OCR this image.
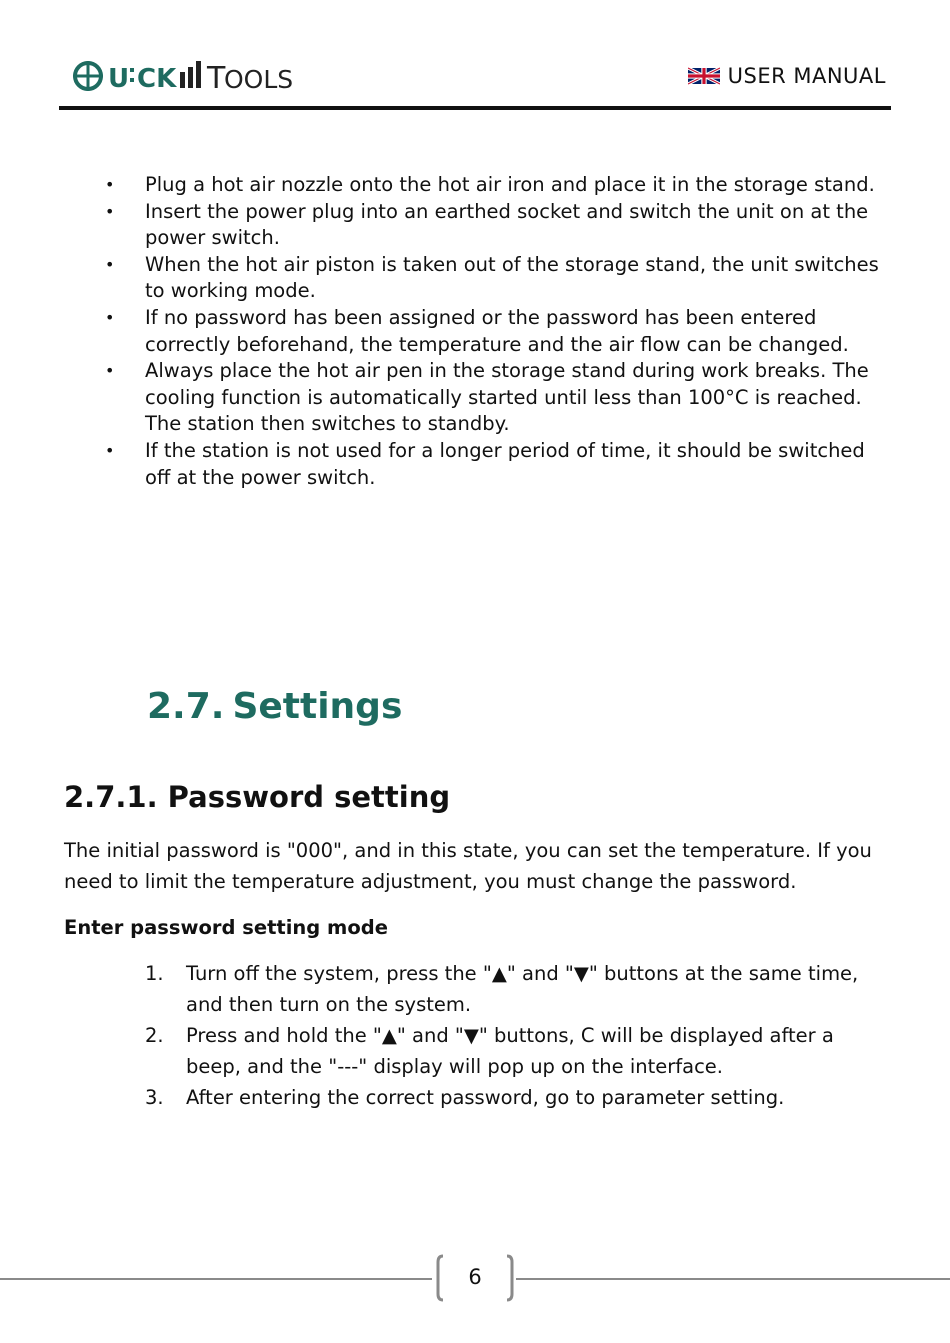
U CK T
OOLS	USER MANUAL
• Plug a hot air nozzle onto the hot air iron and place it in the storage stand.
• Insert the power plug into an earthed socket and switch the unit on at the power switch.
• When the hot air piston is taken out of the storage stand, the unit switches to working mode.
• If no password has been assigned or the password has been entered correctly beforehand, the temperature and the air flow can be changed.
• Always place the hot air pen in the storage stand during work breaks. The cooling function is automatically started until less than 100°C is reached. The station then switches to standby.
• If the station is not used for a longer period of time, it should be switched off at the power switch.
2.7. Settings
2.7.1. Password setting

The initial password is "000", and in this state, you can set the temperature. If you need to limit the temperature adjustment, you must change the password.

Enter password setting mode
1. Turn off the system, press the "▲" and "▼" buttons at the same time, and then turn on the system.
2. Press and hold the "▲" and "▼" buttons, C will be displayed after a beep, and the "---" display will pop up on the interface.
3. After entering the correct password, go to parameter setting.
6
